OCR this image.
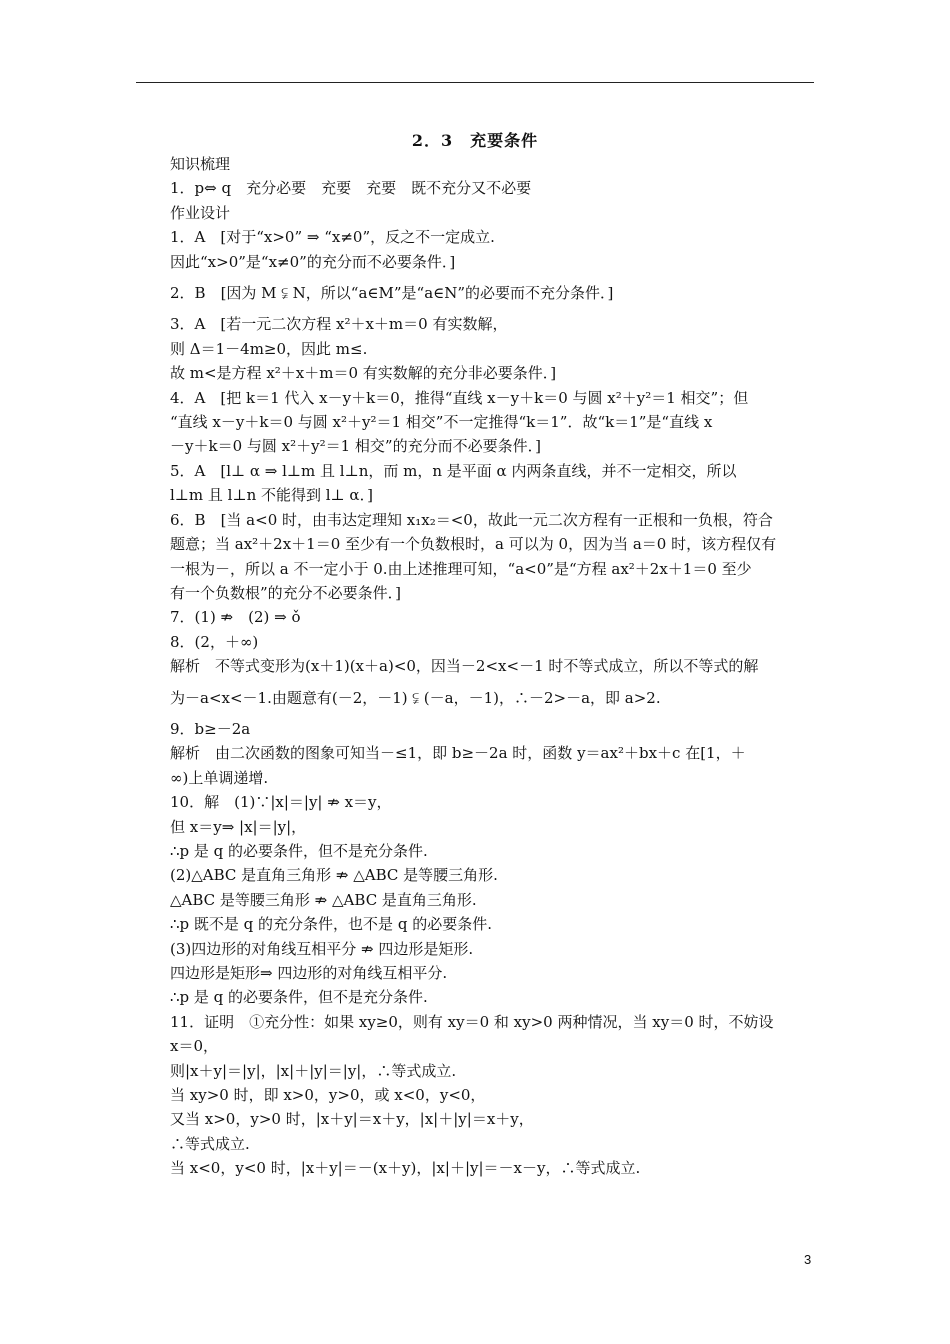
2．3　充要条件

知识梳理

1．p⇔ q　充分必要　充要　充要　既不充分又不必要

作业设计

1．A　[对于“x>0” ⇒ “x≠0”，反之不一定成立.

因此“x>0”是“x≠0”的充分而不必要条件．]

2．B　[因为 M ⫋ N，所以“a∈M”是“a∈N”的必要而不充分条件．]

3．A　[若一元二次方程 x²＋x＋m＝0 有实数解，

则 Δ＝1－4m≥0，因此 m≤.

故 m<是方程 x²＋x＋m＝0 有实数解的充分非必要条件．]

4．A　[把 k＝1 代入 x－y＋k＝0，推得“直线 x－y＋k＝0 与圆 x²＋y²＝1 相交”；但

“直线 x－y＋k＝0 与圆 x²＋y²＝1 相交”不一定推得“k＝1”．故“k＝1”是“直线 x

－y＋k＝0 与圆 x²＋y²＝1 相交”的充分而不必要条件．]

5．A　[l⊥ α ⇒ l⊥m 且 l⊥n，而 m，n 是平面 α 内两条直线，并不一定相交，所以

l⊥m 且 l⊥n 不能得到 l⊥ α．]

6．B　[当 a<0 时，由韦达定理知 x₁x₂＝<0，故此一元二次方程有一正根和一负根，符合

题意；当 ax²＋2x＋1＝0 至少有一个负数根时，a 可以为 0，因为当 a＝0 时，该方程仅有

一根为－，所以 a 不一定小于 0.由上述推理可知，“a<0”是“方程 ax²＋2x＋1＝0 至少

有一个负数根”的充分不必要条件．]

7．(1) ⇏　(2) ⇒ ǒ

8．(2，＋∞)

解析　不等式变形为(x＋1)(x＋a)<0，因当－2<x<－1 时不等式成立，所以不等式的解

为－a<x<－1.由题意有(－2，－1) ⫋ (－a，－1)，∴－2>－a，即 a>2.

9．b≥－2a

解析　由二次函数的图象可知当－≤1，即 b≥－2a 时，函数 y＝ax²＋bx＋c 在[1，＋

∞)上单调递增.

10．解　(1)∵|x|＝|y| ⇏ x＝y，

但 x＝y⇒ |x|＝|y|，

∴p 是 q 的必要条件，但不是充分条件.

(2)△ABC 是直角三角形 ⇏ △ABC 是等腰三角形.

△ABC 是等腰三角形 ⇏ △ABC 是直角三角形.

∴p 既不是 q 的充分条件，也不是 q 的必要条件.

(3)四边形的对角线互相平分 ⇏ 四边形是矩形.

四边形是矩形⇒ 四边形的对角线互相平分.

∴p 是 q 的必要条件，但不是充分条件.

11．证明　①充分性：如果 xy≥0，则有 xy＝0 和 xy>0 两种情况，当 xy＝0 时，不妨设

x＝0，

则|x＋y|＝|y|，|x|＋|y|＝|y|，∴等式成立.

当 xy>0 时，即 x>0，y>0，或 x<0，y<0，

又当 x>0，y>0 时，|x＋y|＝x＋y，|x|＋|y|＝x＋y，

∴等式成立.

当 x<0，y<0 时，|x＋y|＝－(x＋y)，|x|＋|y|＝－x－y，∴等式成立.

3
